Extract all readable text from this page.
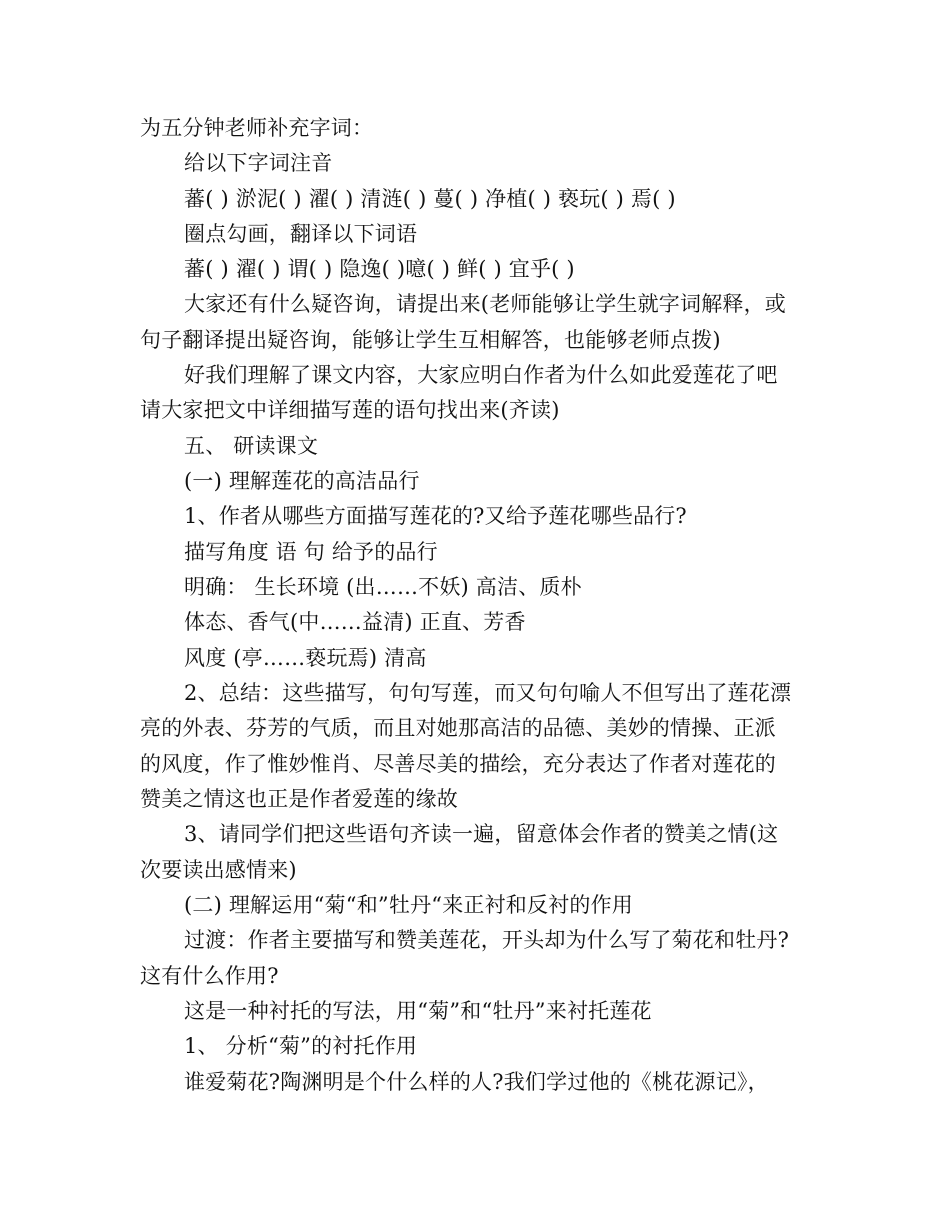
为五分钟老师补充字词：
给以下字词注音
蕃( ) 淤泥( ) 濯( ) 清涟( ) 蔓( ) 净植( ) 亵玩( ) 焉( )
圈点勾画，翻译以下词语
蕃( ) 濯( ) 谓( ) 隐逸( )噫( ) 鲜( ) 宜乎( )
大家还有什么疑咨询，请提出来(老师能够让学生就字词解释，或
句子翻译提出疑咨询，能够让学生互相解答，也能够老师点拨)
好我们理解了课文内容，大家应明白作者为什么如此爱莲花了吧
请大家把文中详细描写莲的语句找出来(齐读)
五、 研读课文
(一) 理解莲花的高洁品行
1、作者从哪些方面描写莲花的?又给予莲花哪些品行?
描写角度 语 句 给予的品行
明确： 生长环境 (出……不妖) 高洁、质朴
体态、香气(中……益清) 正直、芳香
风度 (亭……亵玩焉) 清高
2、总结：这些描写，句句写莲，而又句句喻人不但写出了莲花漂
亮的外表、芬芳的气质，而且对她那高洁的品德、美妙的情操、正派
的风度，作了惟妙惟肖、尽善尽美的描绘，充分表达了作者对莲花的
赞美之情这也正是作者爱莲的缘故
3、请同学们把这些语句齐读一遍，留意体会作者的赞美之情(这
次要读出感情来)
(二) 理解运用“菊“和”牡丹“来正衬和反衬的作用
过渡：作者主要描写和赞美莲花，开头却为什么写了菊花和牡丹?
这有什么作用?
这是一种衬托的写法，用“菊”和“牡丹”来衬托莲花
1、 分析“菊”的衬托作用
谁爱菊花?陶渊明是个什么样的人?我们学过他的《桃花源记》，
